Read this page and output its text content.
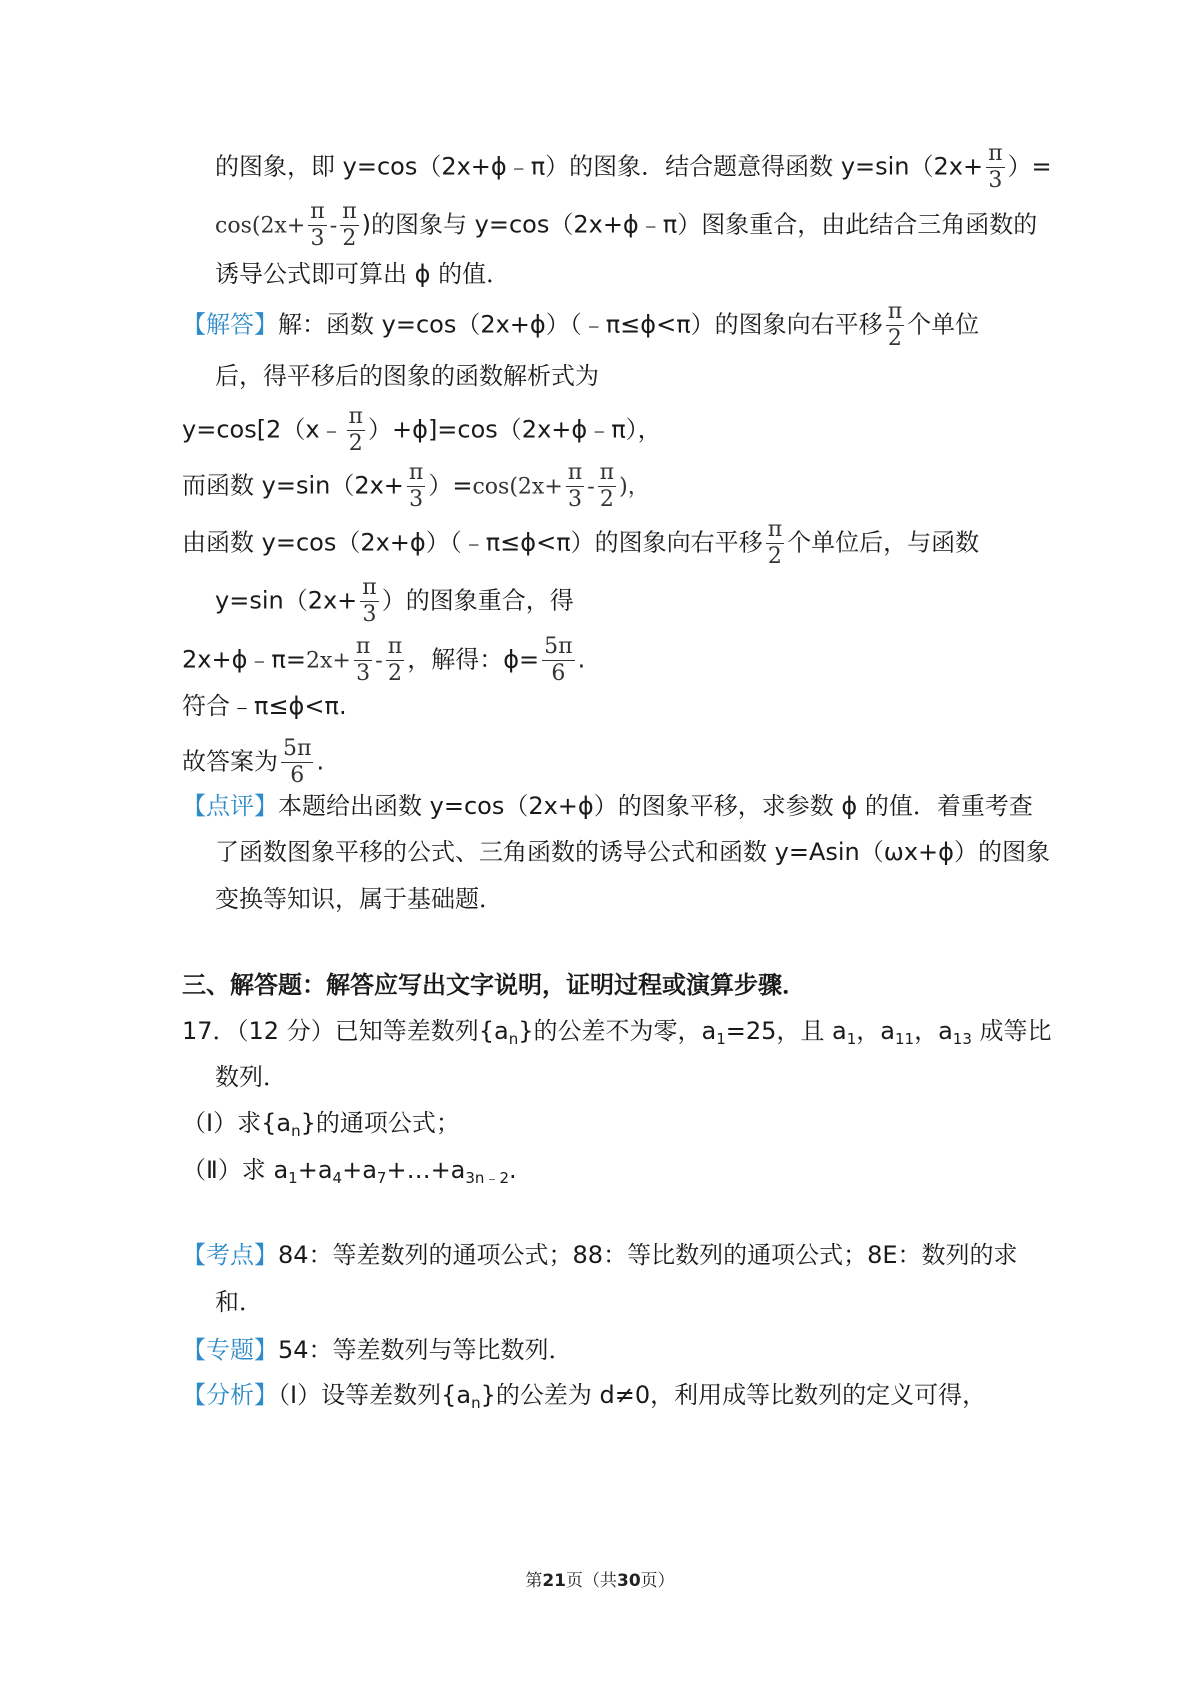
的图象，即 y=cos（2x+ϕ﹣π）的图象．结合题意得函数 $y=\sin(2x+ \frac{\pi}{3}$ ）=
$\cos(2x+ \frac{\pi}{3} - \frac{\pi}{2}$ )的图象与 y=cos（2x+ϕ﹣π）图象重合，由此结合三角函数的
诱导公式即可算出 ϕ 的值．
【解答】解：函数 y=cos（2x+ϕ）（﹣π≤ϕ<π）的图象向右平移 $\frac{\pi}{2}$ 个单位
后，得平移后的图象的函数解析式为
y=cos[2（x﹣ $\frac{\pi}{2}$ ）+ϕ]=cos（2x+ϕ﹣π），
而函数 $y=\sin(2x+ \frac{\pi}{3} )=\cos(2x+ \frac{\pi}{3} - \frac{\pi}{2}$ )，
由函数 y=cos（2x+ϕ）（﹣π≤ϕ<π）的图象向右平移 $\frac{\pi}{2}$ 个单位后，与函数
$y=\sin(2x+ \frac{\pi}{3}$ ）的图象重合，得
2x+ϕ﹣π=2x+ $\frac{\pi}{3} - \frac{\pi}{2}$ ，解得：$\phi= \frac{5\pi}{6}$ .
符合﹣π≤ϕ<π.
故答案为 $\frac{5\pi}{6}$ .
【点评】本题给出函数 y=cos（2x+ϕ）的图象平移，求参数 ϕ 的值．着重考查
了函数图象平移的公式、三角函数的诱导公式和函数 y=Asin（ωx+ϕ）的图象
变换等知识，属于基础题．
三、解答题：解答应写出文字说明，证明过程或演算步骤．
17．（12 分）已知等差数列$\{a_n\}$的公差不为零，$a_1=25$，且 $a_1$，$a_{11}$，$a_{13}$ 成等比
数列．
（Ⅰ）求$\{a_n\}$的通项公式；
（Ⅱ）求 $a_1+a_4+a_7+\dots+a_{3n﹣2}$.
【考点】84：等差数列的通项公式；88：等比数列的通项公式；8E：数列的求
和．
【专题】54：等差数列与等比数列．
【分析】（I）设等差数列$\{a_n\}$的公差为 d≠0，利用成等比数列的定义可得，
第21页（共30页）
